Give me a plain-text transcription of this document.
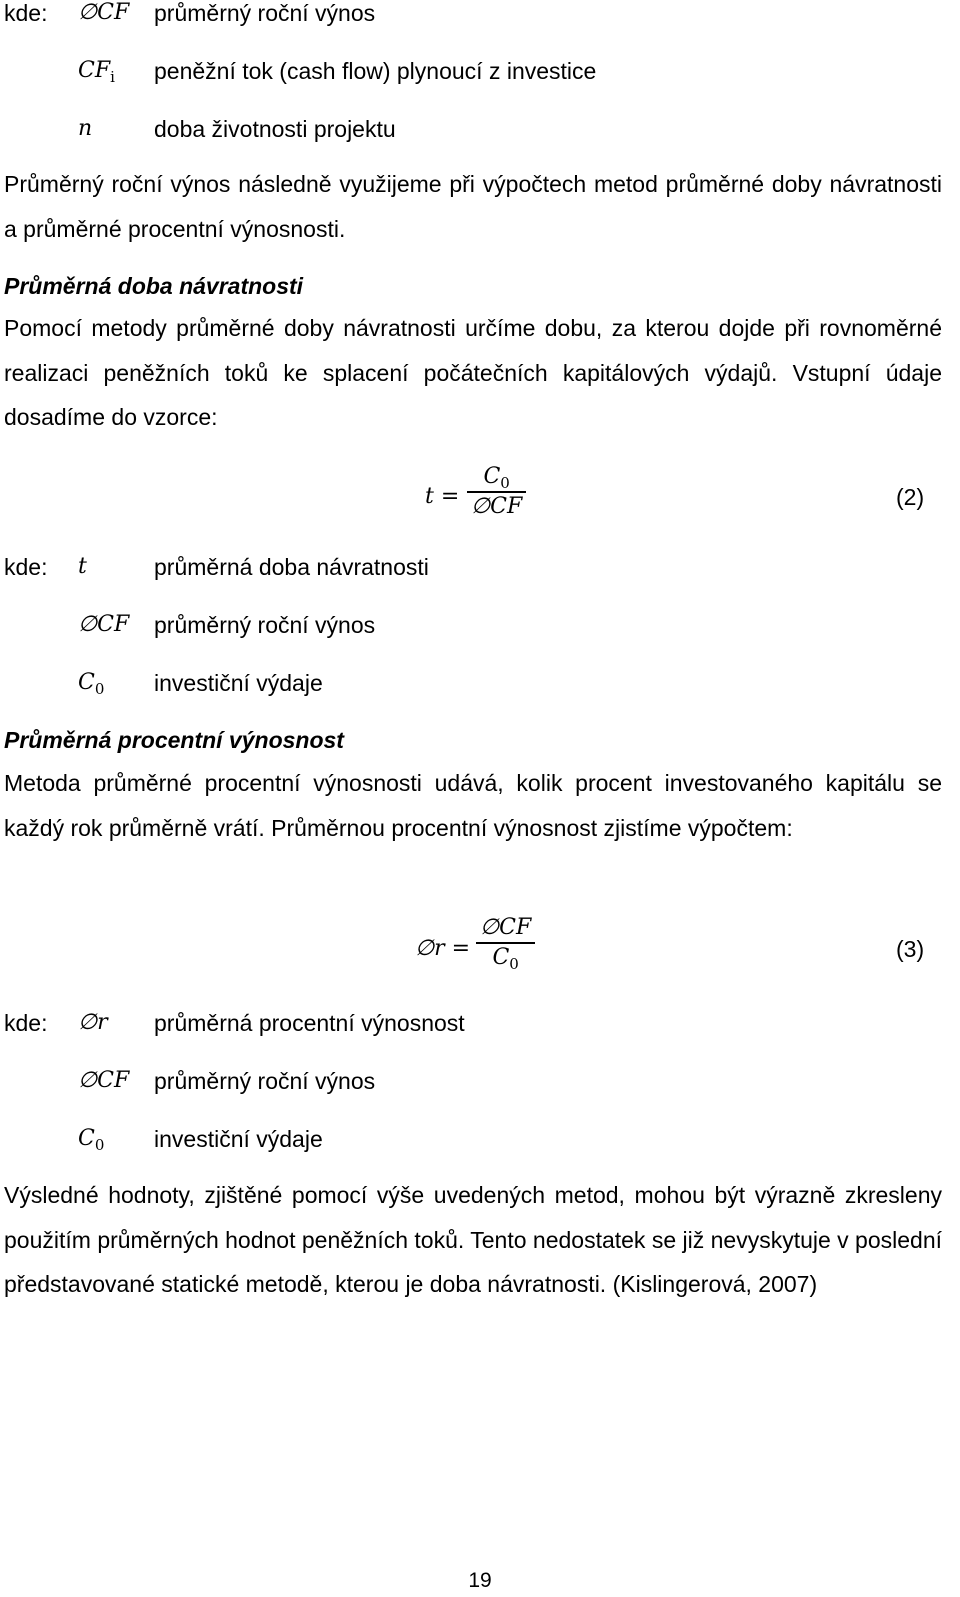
kde: ∅CF průměrný roční výnos
$CF_i$ peněžní tok (cash flow) plynoucí z investice
n	doba životnosti projektu

Průměrný roční výnos následně využijeme při výpočtech metod průměrné doby návratnosti a průměrné procentní výnosnosti.

Průměrná doba návratnosti

Pomocí metody průměrné doby návratnosti určíme dobu, za kterou dojde při rovnoměrné realizaci peněžních toků ke splacení počátečních kapitálových výdajů. Vstupní údaje dosadíme do vzorce:

t =
$C_0$
∅CF	(2)
kde: t	průměrná doba návratnosti
∅CF průměrný roční výnos
$C_0$ investiční výdaje

Průměrná procentní výnosnost

Metoda průměrné procentní výnosnosti udává, kolik procent investovaného kapitálu se každý rok průměrně vrátí. Průměrnou procentní výnosnost zjistíme výpočtem:

∅r =
∅CF
$C_0$
(3)
kde: ∅r průměrná procentní výnosnost
∅CF průměrný roční výnos
$C_0$ investiční výdaje

Výsledné hodnoty, zjištěné pomocí výše uvedených metod, mohou být výrazně zkresleny použitím průměrných hodnot peněžních toků. Tento nedostatek se již nevyskytuje v poslední představované statické metodě, kterou je doba návratnosti. (Kislingerová, 2007)

19
